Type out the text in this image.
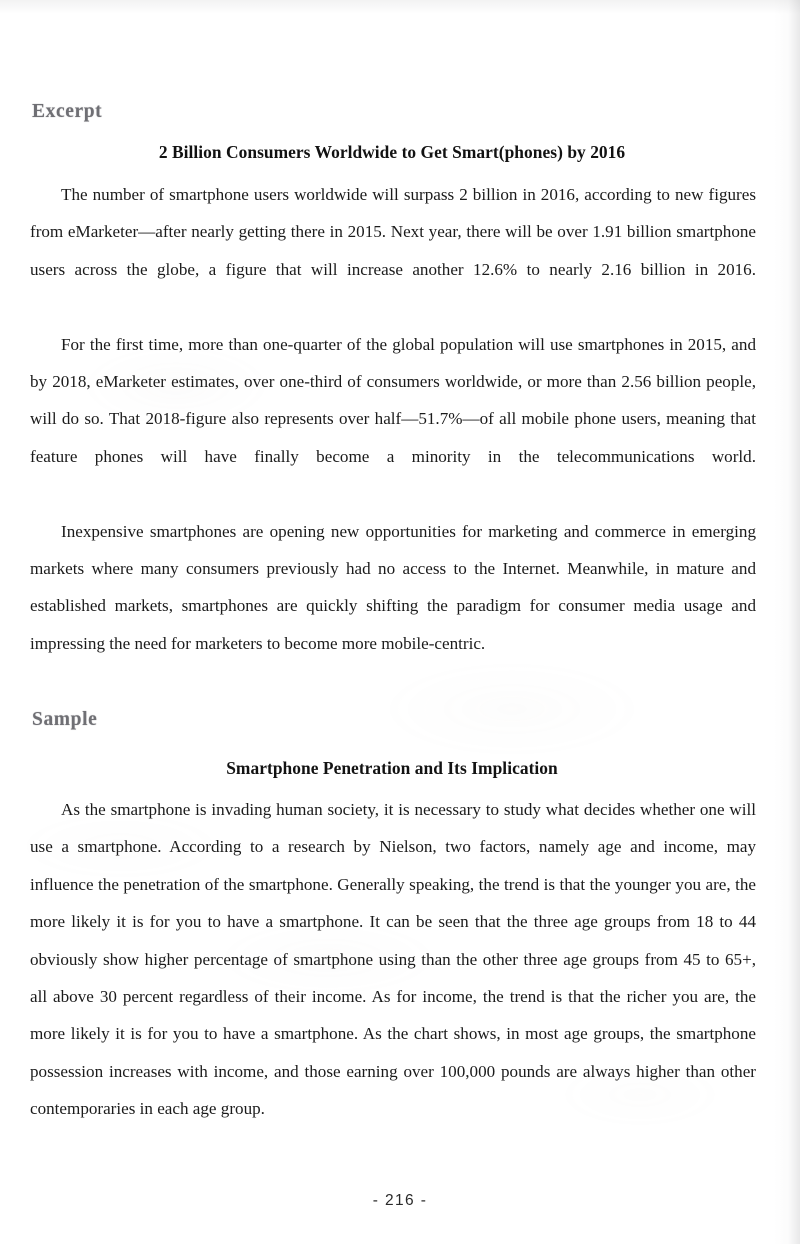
Excerpt
2 Billion Consumers Worldwide to Get Smart(phones) by 2016

The number of smartphone users worldwide will surpass 2 billion in 2016, according to new figures from eMarketer—after nearly getting there in 2015. Next year, there will be over 1.91 billion smartphone users across the globe, a figure that will increase another 12.6% to nearly 2.16 billion in 2016.

For the first time, more than one-quarter of the global population will use smartphones in 2015, and by 2018, eMarketer estimates, over one-third of consumers worldwide, or more than 2.56 billion people, will do so. That 2018-figure also represents over half—51.7%—of all mobile phone users, meaning that feature phones will have finally become a minority in the telecommunications world.

Inexpensive smartphones are opening new opportunities for marketing and commerce in emerging markets where many consumers previously had no access to the Internet. Meanwhile, in mature and established markets, smartphones are quickly shifting the paradigm for consumer media usage and impressing the need for marketers to become more mobile-centric.

Sample
Smartphone Penetration and Its Implication

As the smartphone is invading human society, it is necessary to study what decides whether one will use a smartphone. According to a research by Nielson, two factors, namely age and income, may influence the penetration of the smartphone. Generally speaking, the trend is that the younger you are, the more likely it is for you to have a smartphone. It can be seen that the three age groups from 18 to 44 obviously show higher percentage of smartphone using than the other three age groups from 45 to 65+, all above 30 percent regardless of their income. As for income, the trend is that the richer you are, the more likely it is for you to have a smartphone. As the chart shows, in most age groups, the smartphone possession increases with income, and those earning over 100,000 pounds are always higher than other contemporaries in each age group.

- 216 -
